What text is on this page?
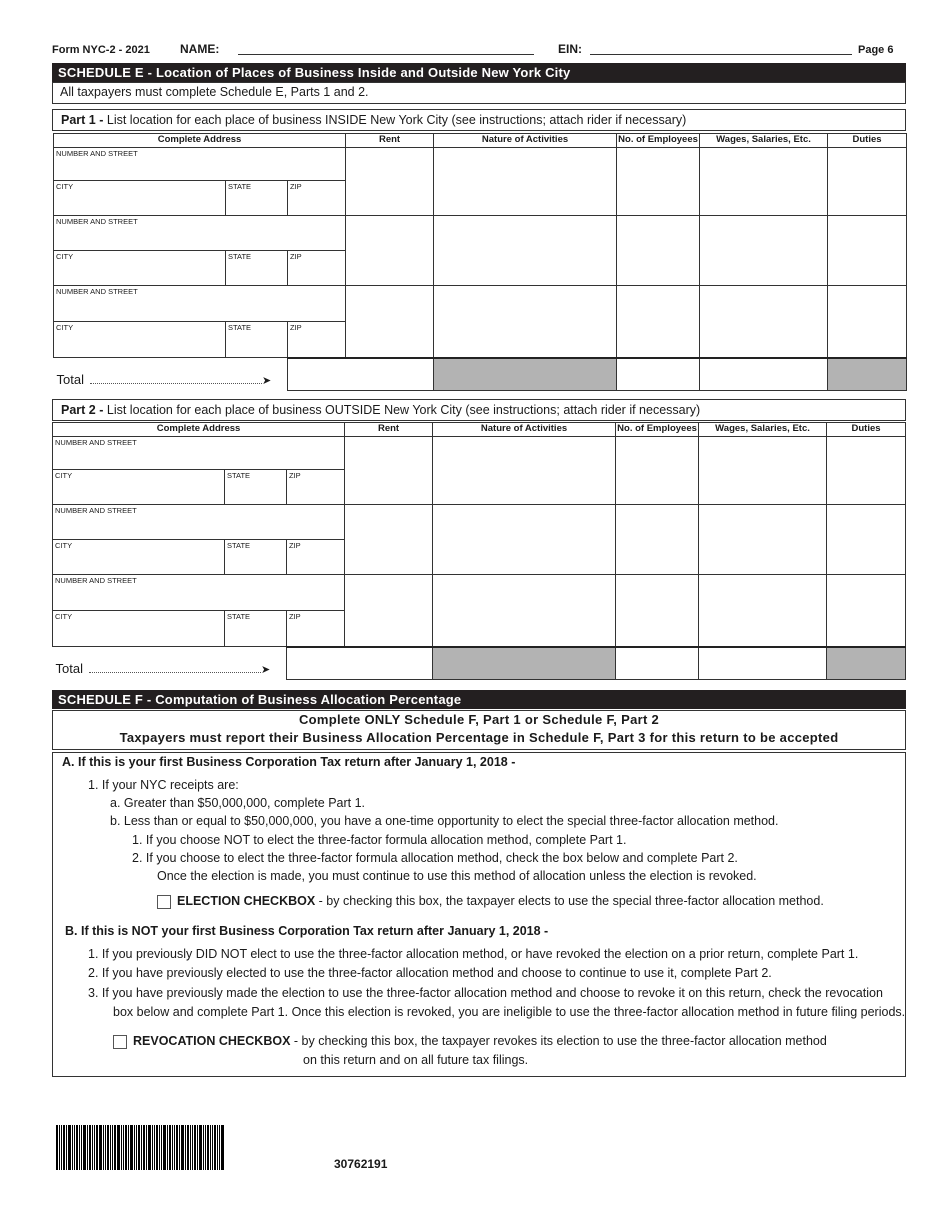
Form NYC-2 - 2021	NAME:	EIN:	Page 6
SCHEDULE E - Location of Places of Business Inside and Outside New York City
All taxpayers must complete Schedule E, Parts 1 and 2.
Part 1 - List location for each place of business INSIDE New York City (see instructions; attach rider if necessary)
Complete Address			Rent	Nature of Activities	No. of Employees	Wages, Salaries, Etc.	Duties

NUMBER AND STREET							

CITY	STATE	ZIP					

NUMBER AND STREET							

CITY	STATE	ZIP					

NUMBER AND STREET							

CITY	STATE	ZIP					

Total ➤							
Part 2 - List location for each place of business OUTSIDE New York City (see instructions; attach rider if necessary)
Complete Address			Rent	Nature of Activities	No. of Employees	Wages, Salaries, Etc.	Duties

NUMBER AND STREET							

CITY	STATE	ZIP					

NUMBER AND STREET							

CITY	STATE	ZIP					

NUMBER AND STREET							

CITY	STATE	ZIP					

Total ➤							
SCHEDULE F - Computation of Business Allocation Percentage
Complete ONLY Schedule F, Part 1 or Schedule F, Part 2
Taxpayers must report their Business Allocation Percentage in Schedule F, Part 3 for this return to be accepted
A. If this is your first Business Corporation Tax return after January 1, 2018 -
1. If your NYC receipts are:
a. Greater than $50,000,000, complete Part 1.
b. Less than or equal to $50,000,000, you have a one-time opportunity to elect the special three-factor allocation method.
1. If you choose NOT to elect the three-factor formula allocation method, complete Part 1.
2. If you choose to elect the three-factor formula allocation method, check the box below and complete Part 2.
Once the election is made, you must continue to use this method of allocation unless the election is revoked.
ELECTION CHECKBOX - by checking this box, the taxpayer elects to use the special three-factor allocation method.
B. If this is NOT your first Business Corporation Tax return after January 1, 2018 -
1. If you previously DID NOT elect to use the three-factor allocation method, or have revoked the election on a prior return, complete Part 1.
2. If you have previously elected to use the three-factor allocation method and choose to continue to use it, complete Part 2.
3. If you have previously made the election to use the three-factor allocation method and choose to revoke it on this return, check the revocation
box below and complete Part 1. Once this election is revoked, you are ineligible to use the three-factor allocation method in future filing periods.
REVOCATION CHECKBOX - by checking this box, the taxpayer revokes its election to use the three-factor allocation method
on this return and on all future tax filings.
30762191
